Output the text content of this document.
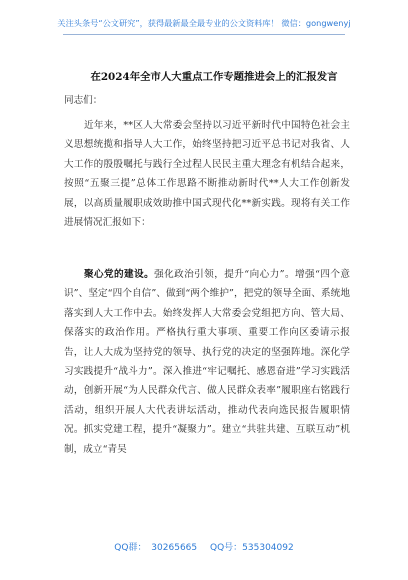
关注头条号“公文研究”，获得最新最全最专业的公文资料库！ 微信：gongwenyj
在2024年全市人大重点工作专题推进会上的汇报发言
同志们：
近年来，**区人大常委会坚持以习近平新时代中国特色社会主义思想统揽和指导人大工作，始终坚持把习近平总书记对我省、人大工作的殷殷嘱托与践行全过程人民民主重大理念有机结合起来，按照“五聚三提”总体工作思路不断推动新时代**人大工作创新发展，以高质量履职成效助推中国式现代化**新实践。现将有关工作进展情况汇报如下：
聚心党的建设。强化政治引领，提升“向心力”。增强“四个意识”、坚定“四个自信”、做到“两个维护”，把党的领导全面、系统地落实到人大工作中去。始终发挥人大常委会党组把方向、管大局、保落实的政治作用。严格执行重大事项、重要工作向区委请示报告，让人大成为坚持党的领导、执行党的决定的坚强阵地。深化学习实践提升“战斗力”。深入推进“牢记嘱托、感恩奋进”学习实践活动，创新开展“为人民群众代言、做人民群众表率”履职座右铭践行活动，组织开展人大代表讲坛活动，推动代表向选民报告履职情况。抓实党建工程，提升“凝聚力”。建立“共驻共建、互联互动”机制，成立“青吴
QQ群： 30265665 QQ号：535304092
